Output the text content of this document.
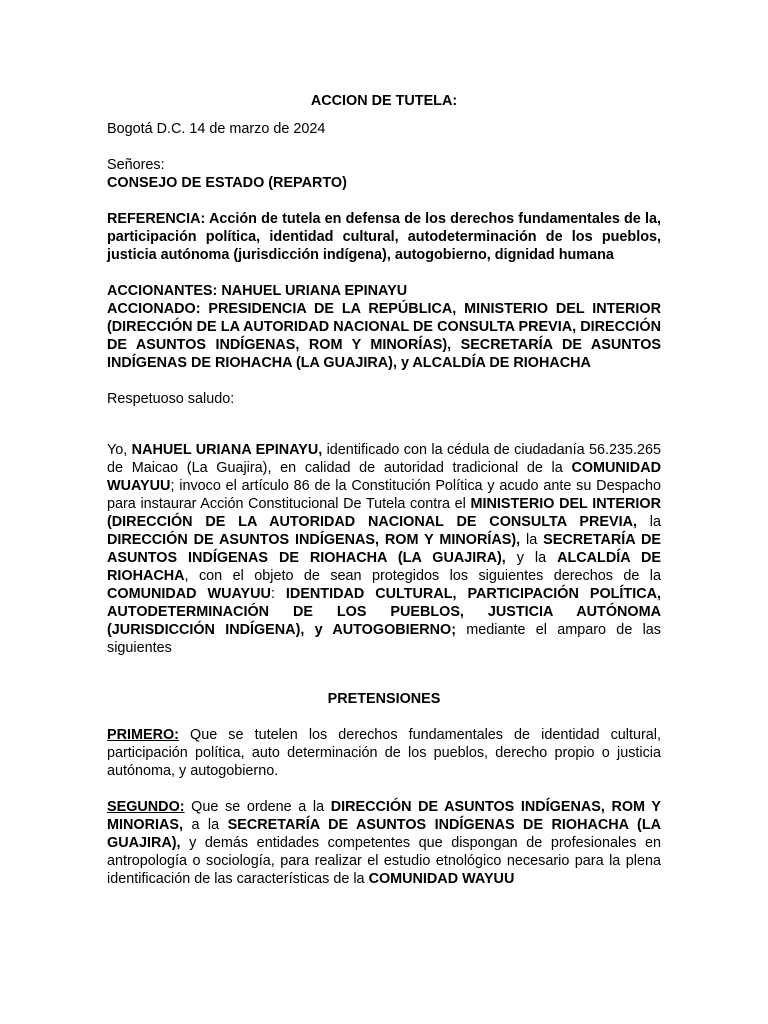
ACCION DE TUTELA:

Bogotá D.C. 14 de marzo de 2024

Señores:

CONSEJO DE ESTADO (REPARTO)

REFERENCIA: Acción de tutela en defensa de los derechos fundamentales de la, participación política, identidad cultural, autodeterminación de los pueblos, justicia autónoma (jurisdicción indígena), autogobierno, dignidad humana

ACCIONANTES: NAHUEL URIANA EPINAYU

ACCIONADO: PRESIDENCIA DE LA REPÚBLICA, MINISTERIO DEL INTERIOR (DIRECCIÓN DE LA AUTORIDAD NACIONAL DE CONSULTA PREVIA, DIRECCIÓN DE ASUNTOS INDÍGENAS, ROM Y MINORÍAS), SECRETARÍA DE ASUNTOS INDÍGENAS DE RIOHACHA (LA GUAJIRA), y ALCALDÍA DE RIOHACHA

Respetuoso saludo:

Yo, NAHUEL URIANA EPINAYU, identificado con la cédula de ciudadanía 56.235.265 de Maicao (La Guajira), en calidad de autoridad tradicional de la COMUNIDAD WUAYUU; invoco el artículo 86 de la Constitución Política y acudo ante su Despacho para instaurar Acción Constitucional De Tutela contra el MINISTERIO DEL INTERIOR (DIRECCIÓN DE LA AUTORIDAD NACIONAL DE CONSULTA PREVIA, la DIRECCIÓN DE ASUNTOS INDÍGENAS, ROM Y MINORÍAS), la SECRETARÍA DE ASUNTOS INDÍGENAS DE RIOHACHA (LA GUAJIRA), y la ALCALDÍA DE RIOHACHA, con el objeto de sean protegidos los siguientes derechos de la COMUNIDAD WUAYUU: IDENTIDAD CULTURAL, PARTICIPACIÓN POLÍTICA, AUTODETERMINACIÓN DE LOS PUEBLOS, JUSTICIA AUTÓNOMA (JURISDICCIÓN INDÍGENA), y AUTOGOBIERNO; mediante el amparo de las siguientes

PRETENSIONES

PRIMERO: Que se tutelen los derechos fundamentales de identidad cultural, participación política, auto determinación de los pueblos, derecho propio o justicia autónoma, y autogobierno.

SEGUNDO: Que se ordene a la DIRECCIÓN DE ASUNTOS INDÍGENAS, ROM Y MINORIAS, a la SECRETARÍA DE ASUNTOS INDÍGENAS DE RIOHACHA (LA GUAJIRA), y demás entidades competentes que dispongan de profesionales en antropología o sociología, para realizar el estudio etnológico necesario para la plena identificación de las características de la COMUNIDAD WAYUU
